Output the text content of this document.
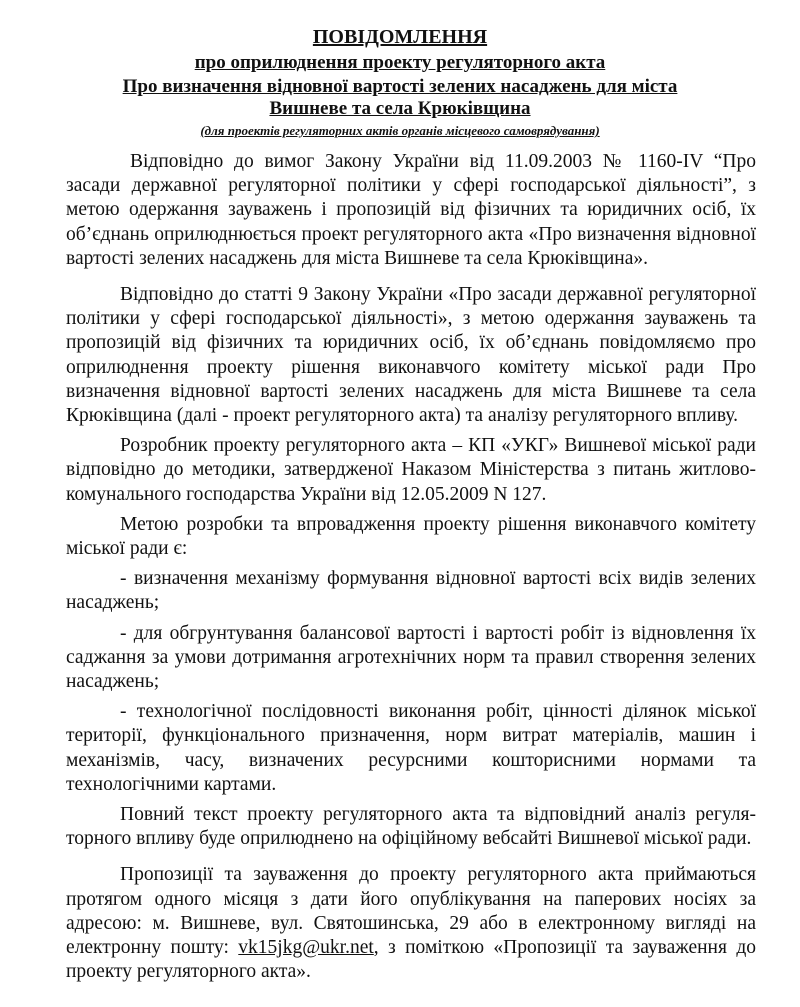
ПОВІДОМЛЕННЯ
про оприлюднення проекту регуляторного акта
Про визначення відновної вартості зелених насаджень для міста
Вишневе та села Крюківщина
(для проектів регуляторних актів органів місцевого самоврядування)

Відповідно до вимог Закону України від 11.09.2003 № 1160-IV “Про засади державної регуляторної політики у сфері господарської діяльності”, з метою одержання зауважень і пропозицій від фізичних та юридичних осіб, їх об’єднань оприлюднюється проект регуляторного акта «Про визначення відновної вартості зелених насаджень для міста Вишневе та села Крюківщина».

Відповідно до статті 9 Закону України «Про засади державної регуляторної політики у сфері господарської діяльності», з метою одержання зауважень та пропозицій від фізичних та юридичних осіб, їх об’єднань повідомляємо про оприлюднення проекту рішення виконавчого комітету міської ради Про визначення відновної вартості зелених насаджень для міста Вишневе та села Крюківщина (далі - проект регуляторного акта) та аналізу регуляторного впливу.

Розробник проекту регуляторного акта – КП «УКГ» Вишневої міської ради відповідно до методики, затвердженої Наказом Міністерства з питань житлово-комунального господарства України від 12.05.2009 N 127.

Метою розробки та впровадження проекту рішення виконавчого комітету міської ради є:

- визначення механізму формування відновної вартості всіх видів зелених насаджень;

- для обгрунтування балансової вартості і вартості робіт із відновлення їх саджання за умови дотримання агротехнічних норм та правил створення зелених насаджень;

- технологічної послідовності виконання робіт, цінності ділянок міської території, функціонального призначення, норм витрат матеріалів, машин і механізмів, часу, визначених ресурсними кошторисними нормами та технологічними картами.

Повний текст проекту регуляторного акта та відповідний аналіз регуля-торного впливу буде оприлюднено на офіційному вебсайті Вишневої міської ради.

Пропозиції та зауваження до проекту регуляторного акта приймаються протягом одного місяця з дати його опублікування на паперових носіях за адресою: м. Вишневе, вул. Святошинська, 29 або в електронному вигляді на електронну пошту: vk15jkg@ukr.net, з поміткою «Пропозиції та зауваження до проекту регуляторного акта».
